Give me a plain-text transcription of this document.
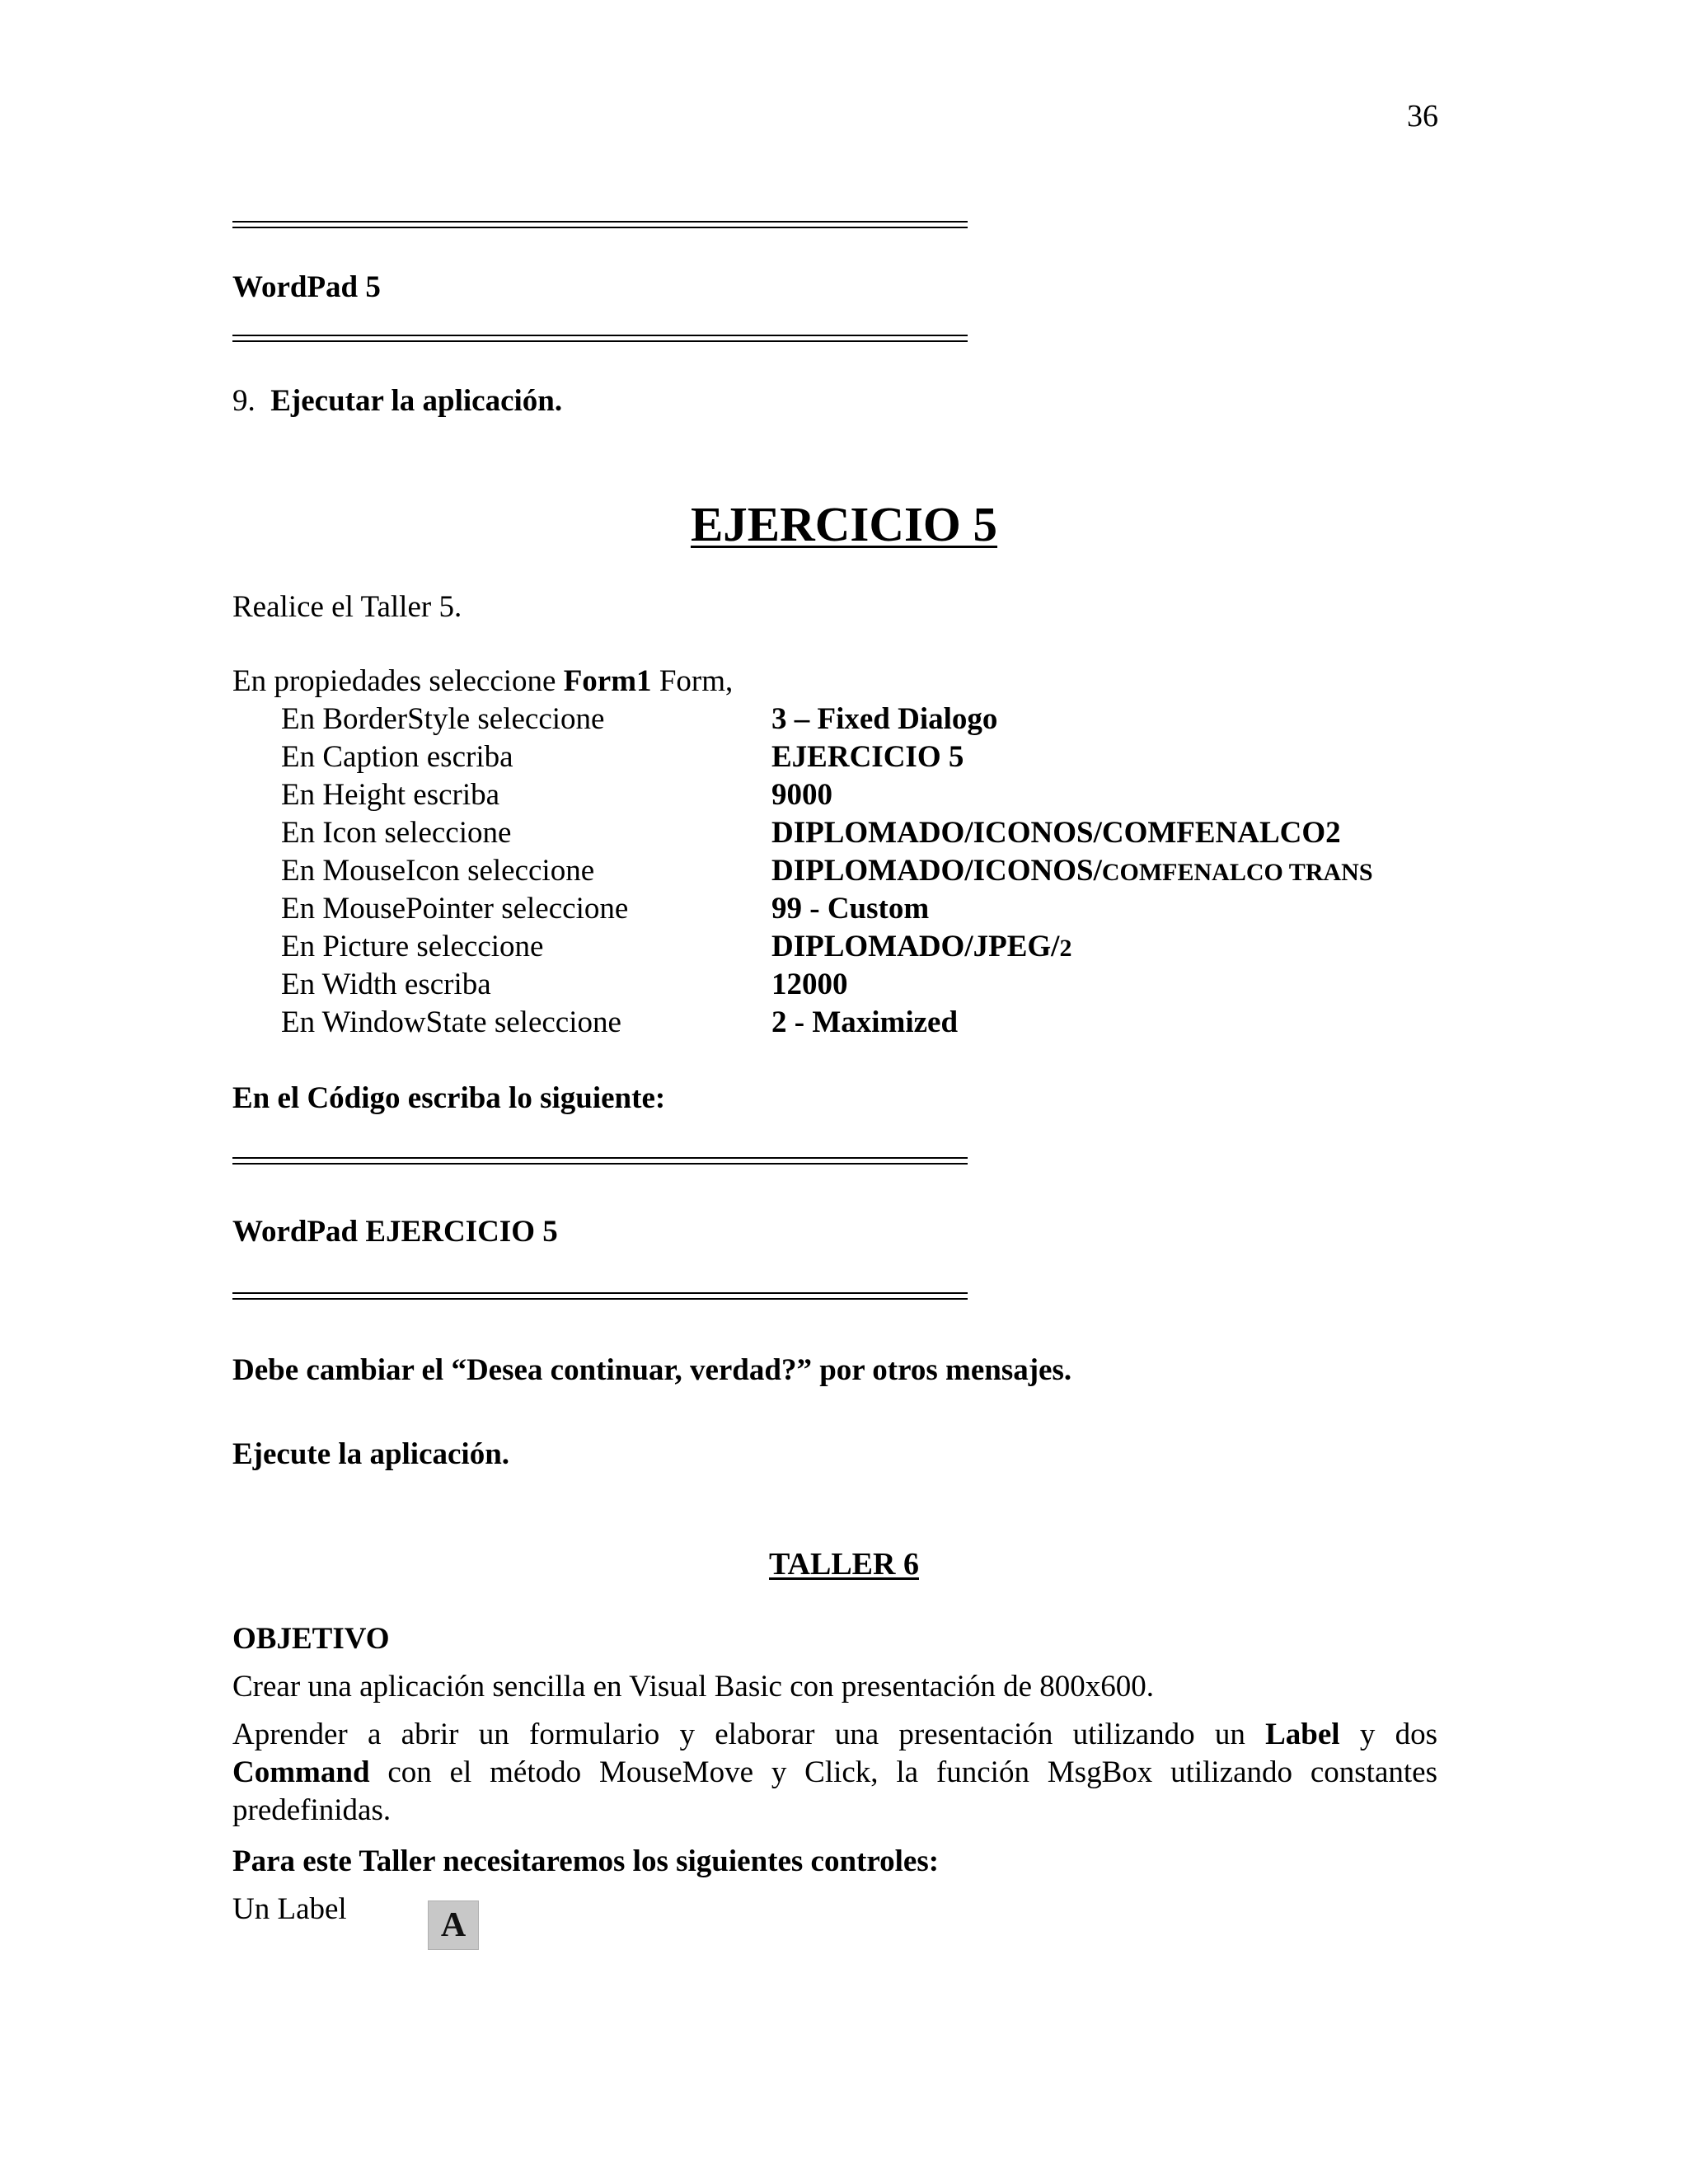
36
WordPad 5
9. Ejecutar la aplicación.
EJERCICIO 5
Realice el Taller 5.
En propiedades seleccione Form1 Form,
En BorderStyle seleccione	3 – Fixed Dialogo
En Caption escriba	EJERCICIO 5
En Height escriba	9000
En Icon seleccione	DIPLOMADO/ICONOS/COMFENALCO2
En MouseIcon seleccione	DIPLOMADO/ICONOS/COMFENALCO TRANS
En MousePointer seleccione	99 - Custom
En Picture seleccione	DIPLOMADO/JPEG/2
En Width escriba	12000
En WindowState seleccione	2 - Maximized
En el Código escriba lo siguiente:
WordPad EJERCICIO 5
Debe cambiar el “Desea continuar, verdad?” por otros mensajes.
Ejecute la aplicación.
TALLER 6
OBJETIVO
Crear una aplicación sencilla en Visual Basic con presentación de 800x600.
Aprender a abrir un formulario y elaborar una presentación utilizando un Label y dos
Command con el método MouseMove y Click, la función MsgBox utilizando constantes
predefinidas.
Para este Taller necesitaremos los siguientes controles:
Un Label	A
